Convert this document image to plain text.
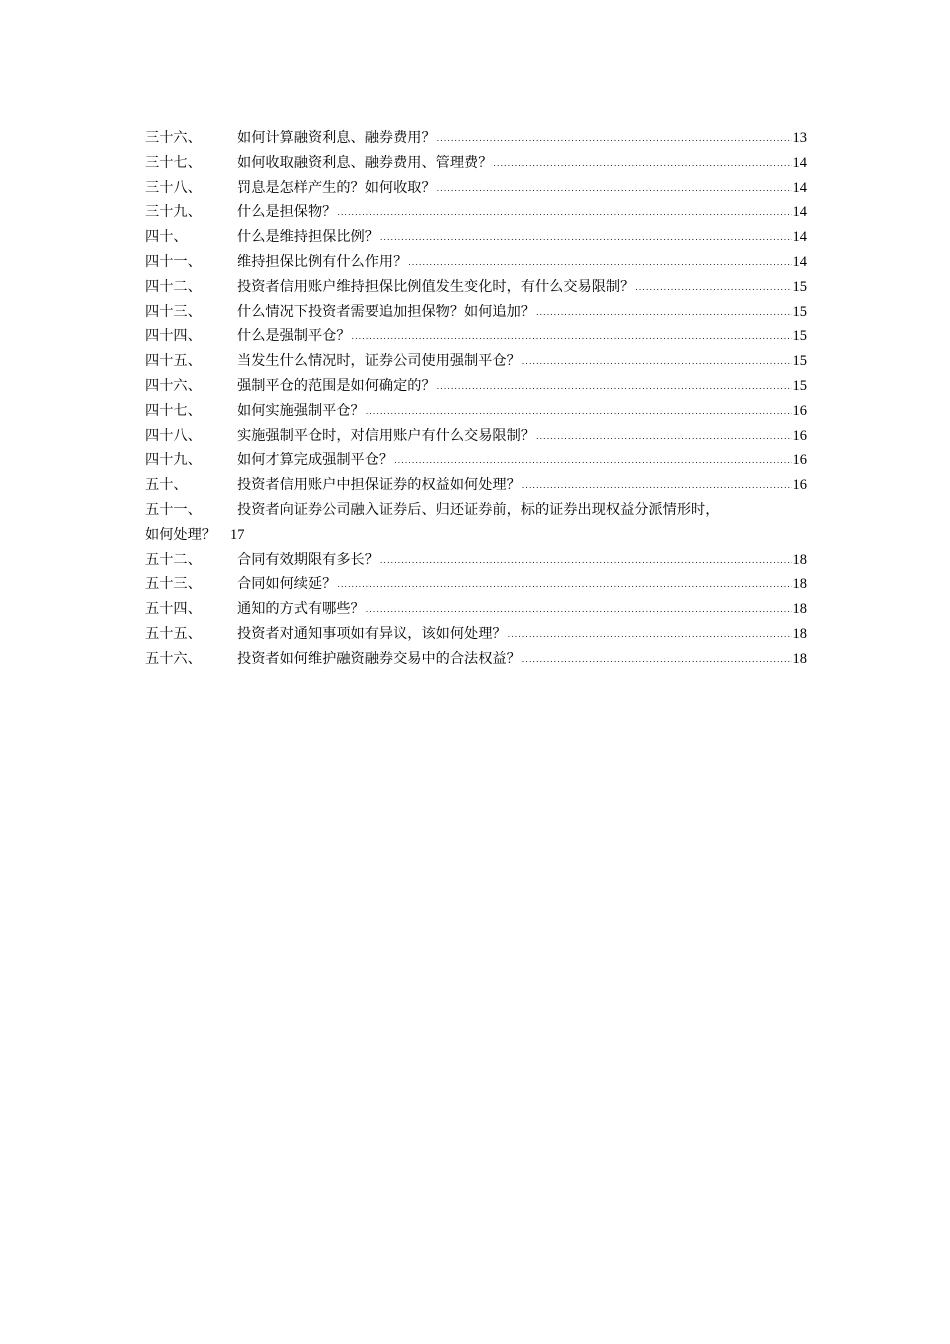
三十六、	如何计算融资利息、融券费用？ .....	13
三十七、	如何收取融资利息、融券费用、管理费？ .....	14
三十八、	罚息是怎样产生的？如何收取？ .....	14
三十九、	什么是担保物？ .....	14
四十、	什么是维持担保比例？ .....	14
四十一、	维持担保比例有什么作用？ .....	14
四十二、	投资者信用账户维持担保比例值发生变化时，有什么交易限制？ .....	15
四十三、	什么情况下投资者需要追加担保物？如何追加？ .....	15
四十四、	什么是强制平仓？ .....	15
四十五、	当发生什么情况时，证券公司使用强制平仓？ .....	15
四十六、	强制平仓的范围是如何确定的？ .....	15
四十七、	如何实施强制平仓？ .....	16
四十八、	实施强制平仓时，对信用账户有什么交易限制？ .....	16
四十九、	如何才算完成强制平仓？ .....	16
五十、	投资者信用账户中担保证券的权益如何处理？ .....	16
五十一、	投资者向证券公司融入证券后、归还证券前，标的证券出现权益分派情形时，
如何处理？ 17
五十二、	合同有效期限有多长？ .....	18
五十三、	合同如何续延？ .....	18
五十四、	通知的方式有哪些？ .....	18
五十五、	投资者对通知事项如有异议，该如何处理？ .....	18
五十六、	投资者如何维护融资融券交易中的合法权益？ .....	18
